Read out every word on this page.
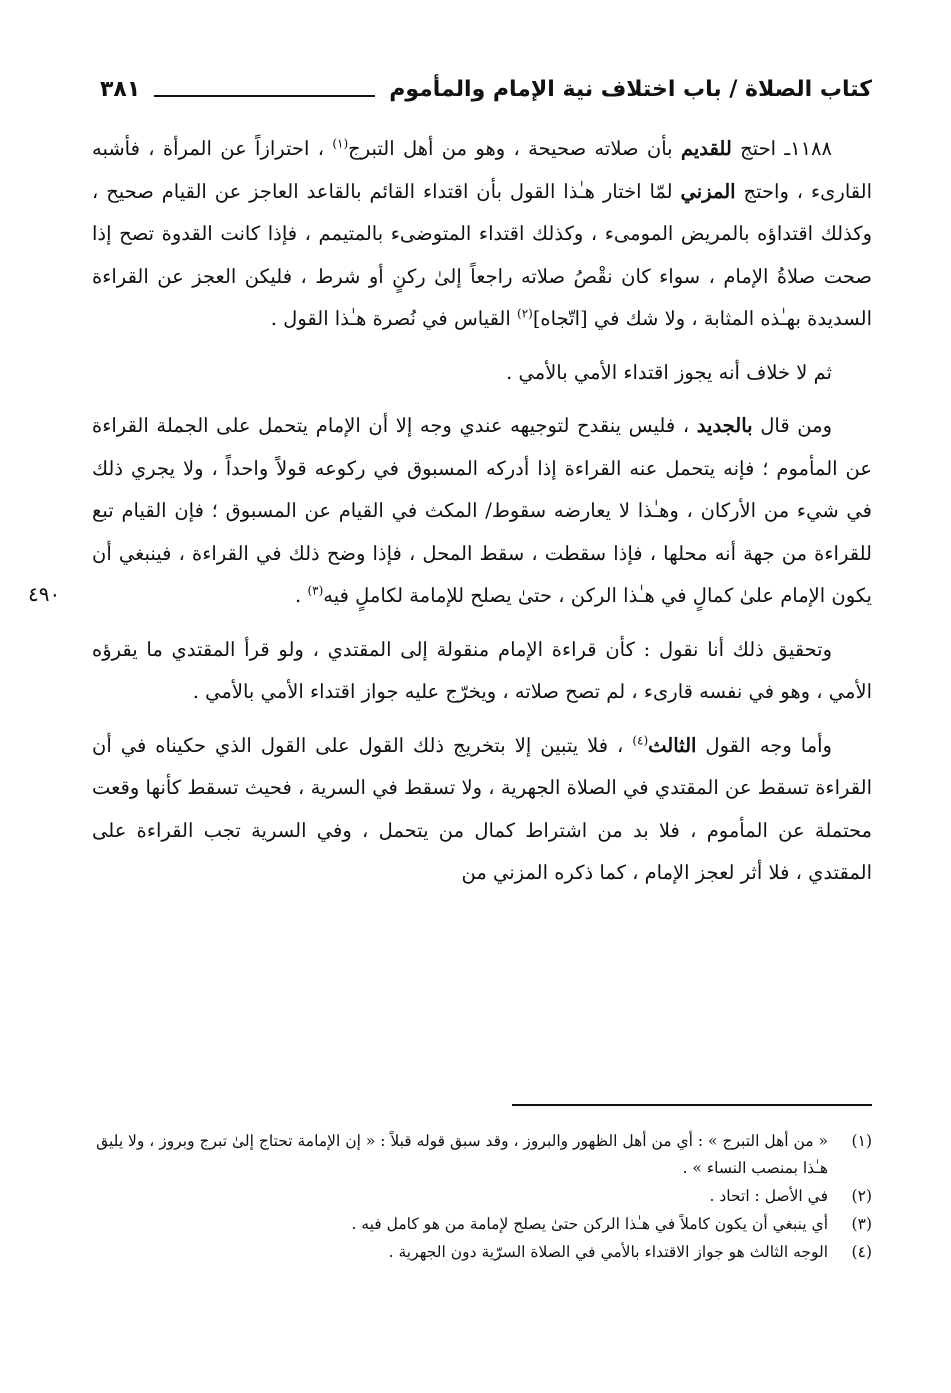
كتاب الصلاة / باب اختلاف نية الإمام والمأموم
٣٨١
٤٩٠

١١٨٨ـ احتج للقديم بأن صلاته صحيحة ، وهو من أهل التبرج$^{(١)}$ ، احترازاً عن المرأة ، فأشبه القارىء ، واحتج المزني لمّا اختار هـٰذا القول بأن اقتداء القائم بالقاعد العاجز عن القيام صحيح ، وكذلك اقتداؤه بالمريض المومىء ، وكذلك اقتداء المتوضىء بالمتيمم ، فإذا كانت القدوة تصح إذا صحت صلاةُ الإمام ، سواء كان نقْصُ صلاته راجعاً إلىٰ ركنٍ أو شرط ، فليكن العجز عن القراءة السديدة بهـٰذه المثابة ، ولا شك في [اتّجاه]$^{(٢)}$ القياس في نُصرة هـٰذا القول .

ثم لا خلاف أنه يجوز اقتداء الأمي بالأمي .

ومن قال بالجديد ، فليس ينقدح لتوجيهه عندي وجه إلا أن الإمام يتحمل على الجملة القراءة عن المأموم ؛ فإنه يتحمل عنه القراءة إذا أدركه المسبوق في ركوعه قولاً واحداً ، ولا يجري ذلك في شيء من الأركان ، وهـٰذا لا يعارضه سقوط/ المكث في القيام عن المسبوق ؛ فإن القيام تبع للقراءة من جهة أنه محلها ، فإذا سقطت ، سقط المحل ، فإذا وضح ذلك في القراءة ، فينبغي أن يكون الإمام علىٰ كمالٍ في هـٰذا الركن ، حتىٰ يصلح للإمامة لكاملٍ فيه$^{(٣)}$ .

وتحقيق ذلك أنا نقول : كأن قراءة الإمام منقولة إلى المقتدي ، ولو قرأ المقتدي ما يقرؤه الأمي ، وهو في نفسه قارىء ، لم تصح صلاته ، ويخرّج عليه جواز اقتداء الأمي بالأمي .

وأما وجه القول الثالث$^{(٤)}$ ، فلا يتبين إلا بتخريج ذلك القول على القول الذي حكيناه في أن القراءة تسقط عن المقتدي في الصلاة الجهرية ، ولا تسقط في السرية ، فحيث تسقط كأنها وقعت محتملة عن المأموم ، فلا بد من اشتراط كمال من يتحمل ، وفي السرية تجب القراءة على المقتدي ، فلا أثر لعجز الإمام ، كما ذكره المزني من

(١)
« من أهل التبرج » : أي من أهل الظهور والبروز ، وقد سبق قوله قبلاً : « إن الإمامة تحتاج إلىٰ تبرج وبروز ، ولا يليق هـٰذا بمنصب النساء » .
(٢)
في الأصل : اتحاد .
(٣)
أي ينبغي أن يكون كاملاً في هـٰذا الركن حتىٰ يصلح لإمامة من هو كامل فيه .
(٤)
الوجه الثالث هو جواز الاقتداء بالأمي في الصلاة السرّية دون الجهرية .
